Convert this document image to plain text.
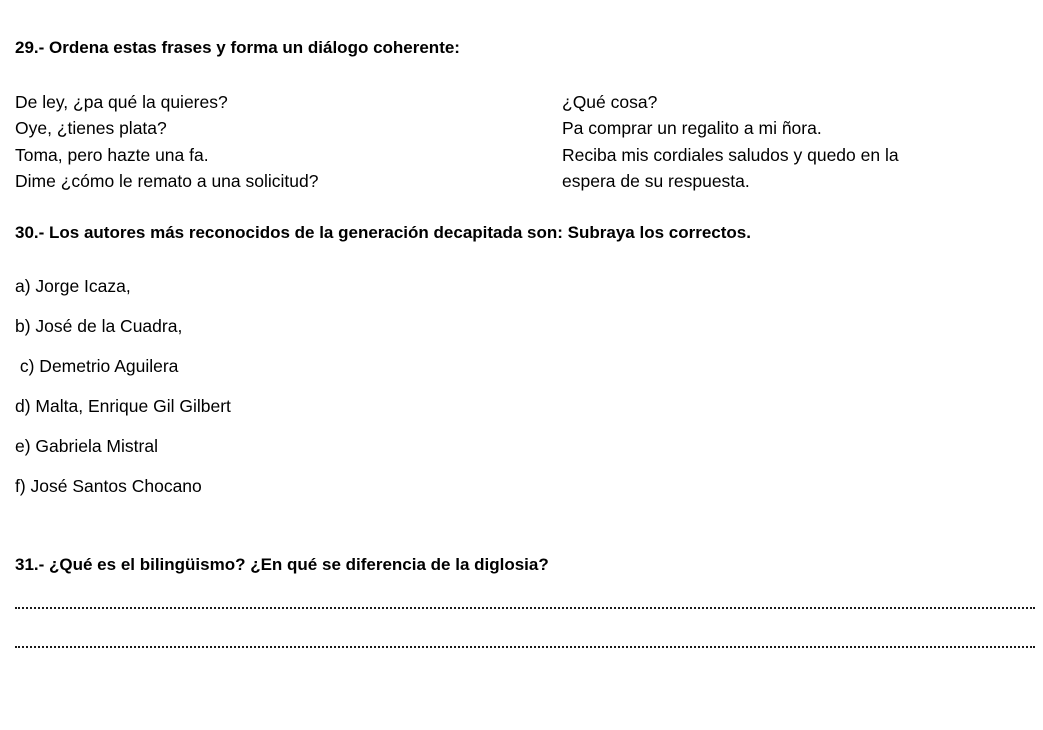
29.- Ordena estas frases y forma un diálogo coherente:
De ley, ¿pa qué la quieres?
Oye, ¿tienes plata?
Toma, pero hazte una fa.
Dime ¿cómo le remato a una solicitud?
¿Qué cosa?
Pa comprar un regalito a mi ñora.
Reciba mis cordiales saludos y quedo en la
espera de su respuesta.
30.- Los autores más reconocidos de la generación decapitada son: Subraya los correctos.
a) Jorge Icaza,
b) José de la Cuadra,
c) Demetrio Aguilera
d) Malta, Enrique Gil Gilbert
e) Gabriela Mistral
f) José Santos Chocano
31.- ¿Qué es el bilingüismo? ¿En qué se diferencia de la diglosia?
